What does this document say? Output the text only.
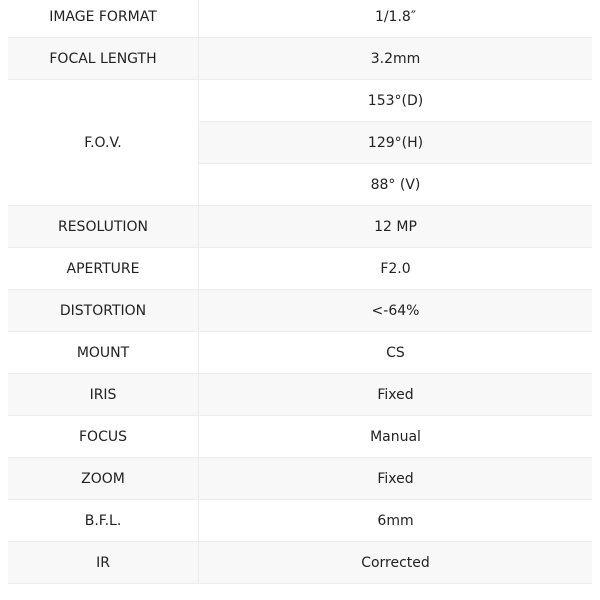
IMAGE FORMAT	1/1.8″
FOCAL LENGTH	3.2mm
F.O.V.	153°(D)
	129°(H)
	88° (V)
RESOLUTION	12 MP
APERTURE	F2.0
DISTORTION	<-64%
MOUNT	CS
IRIS	Fixed
FOCUS	Manual
ZOOM	Fixed
B.F.L.	6mm
IR	Corrected
